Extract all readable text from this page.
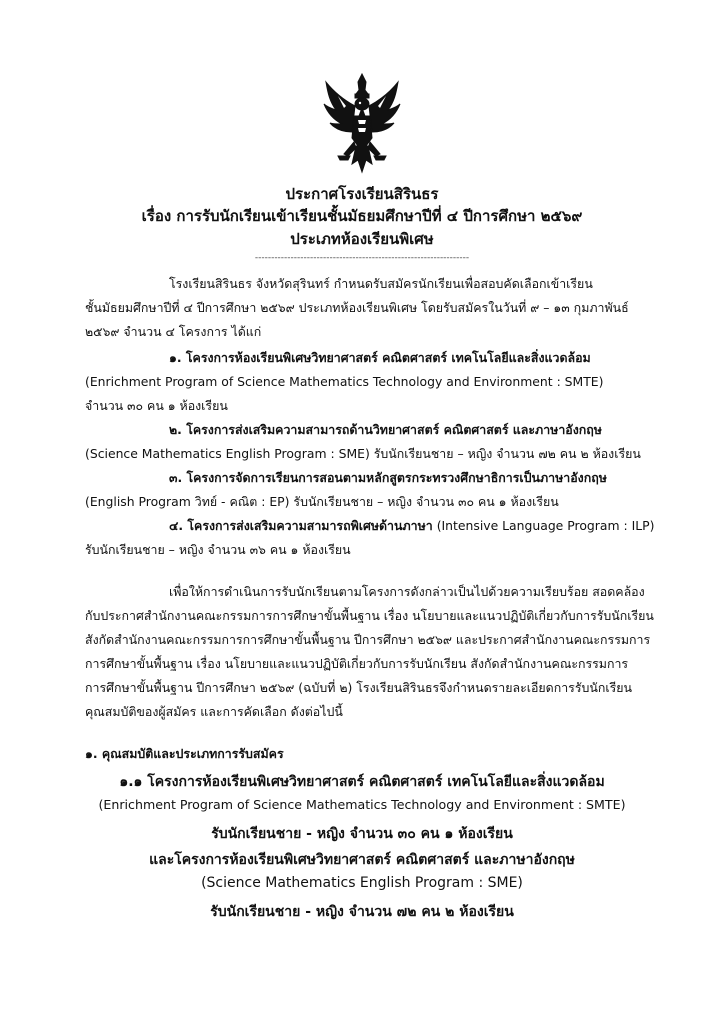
ประกาศโรงเรียนสิรินธร
เรื่อง การรับนักเรียนเข้าเรียนชั้นมัธยมศึกษาปีที่ ๔ ปีการศึกษา ๒๕๖๙
ประเภทห้องเรียนพิเศษ
------------------------------------------------------------------
โรงเรียนสิรินธร จังหวัดสุรินทร์ กำหนดรับสมัครนักเรียนเพื่อสอบคัดเลือกเข้าเรียน
ชั้นมัธยมศึกษาปีที่ ๔ ปีการศึกษา ๒๕๖๙ ประเภทห้องเรียนพิเศษ โดยรับสมัครในวันที่ ๙ – ๑๓ กุมภาพันธ์
๒๕๖๙ จำนวน ๔ โครงการ ได้แก่
๑. โครงการห้องเรียนพิเศษวิทยาศาสตร์ คณิตศาสตร์ เทคโนโลยีและสิ่งแวดล้อม
(Enrichment Program of Science Mathematics Technology and Environment : SMTE)
จำนวน ๓๐ คน ๑ ห้องเรียน
๒. โครงการส่งเสริมความสามารถด้านวิทยาศาสตร์ คณิตศาสตร์ และภาษาอังกฤษ
(Science Mathematics English Program : SME) รับนักเรียนชาย – หญิง จำนวน ๗๒ คน ๒ ห้องเรียน
๓. โครงการจัดการเรียนการสอนตามหลักสูตรกระทรวงศึกษาธิการเป็นภาษาอังกฤษ
(English Program วิทย์ - คณิต : EP) รับนักเรียนชาย – หญิง จำนวน ๓๐ คน ๑ ห้องเรียน
๔. โครงการส่งเสริมความสามารถพิเศษด้านภาษา (Intensive Language Program : ILP)
รับนักเรียนชาย – หญิง จำนวน ๓๖ คน ๑ ห้องเรียน
เพื่อให้การดำเนินการรับนักเรียนตามโครงการดังกล่าวเป็นไปด้วยความเรียบร้อย สอดคล้อง
กับประกาศสำนักงานคณะกรรมการการศึกษาขั้นพื้นฐาน เรื่อง นโยบายและแนวปฏิบัติเกี่ยวกับการรับนักเรียน
สังกัดสำนักงานคณะกรรมการการศึกษาขั้นพื้นฐาน ปีการศึกษา ๒๕๖๙ และประกาศสำนักงานคณะกรรมการ
การศึกษาขั้นพื้นฐาน เรื่อง นโยบายและแนวปฏิบัติเกี่ยวกับการรับนักเรียน สังกัดสำนักงานคณะกรรมการ
การศึกษาขั้นพื้นฐาน ปีการศึกษา ๒๕๖๙ (ฉบับที่ ๒) โรงเรียนสิรินธรจึงกำหนดรายละเอียดการรับนักเรียน
คุณสมบัติของผู้สมัคร และการคัดเลือก ดังต่อไปนี้
๑. คุณสมบัติและประเภทการรับสมัคร
๑.๑ โครงการห้องเรียนพิเศษวิทยาศาสตร์ คณิตศาสตร์ เทคโนโลยีและสิ่งแวดล้อม
(Enrichment Program of Science Mathematics Technology and Environment : SMTE)
รับนักเรียนชาย - หญิง จำนวน ๓๐ คน ๑ ห้องเรียน
และโครงการห้องเรียนพิเศษวิทยาศาสตร์ คณิตศาสตร์ และภาษาอังกฤษ
(Science Mathematics English Program : SME)
รับนักเรียนชาย - หญิง จำนวน ๗๒ คน ๒ ห้องเรียน
